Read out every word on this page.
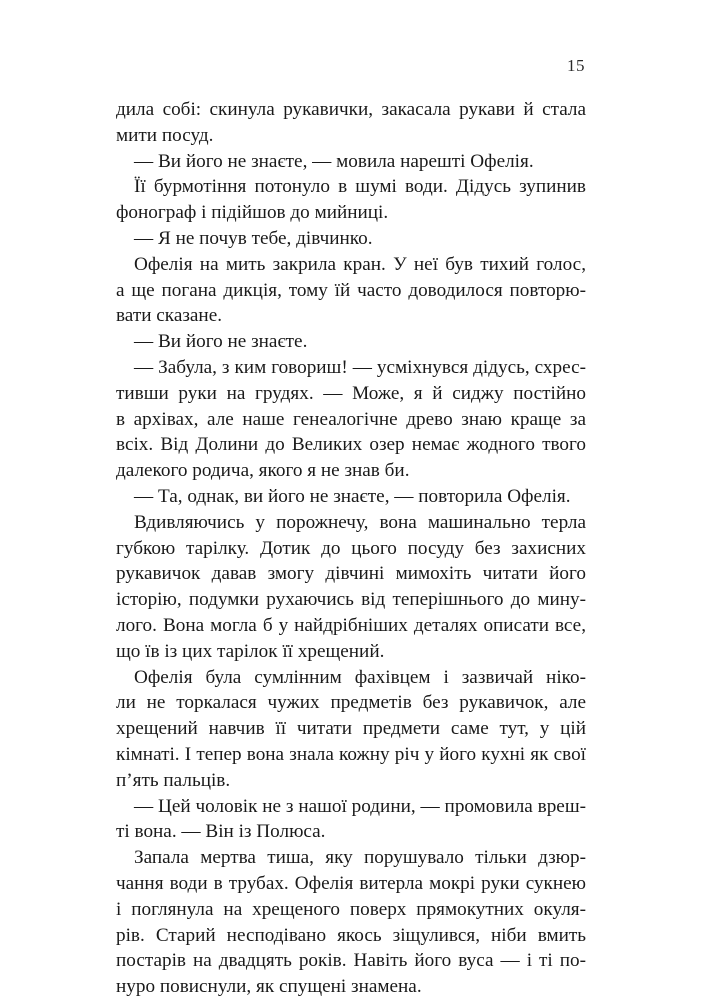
15
дила собі: скинула рукавички, закасала рукави й стала
мити посуд.
— Ви його не знаєте, — мовила нарешті Офелія.
Її бурмотіння потонуло в шумі води. Дідусь зупинив
фонограф і підійшов до мийниці.
— Я не почув тебе, дівчинко.
Офелія на мить закрила кран. У неї був тихий голос,
а ще погана дикція, тому їй часто доводилося повторю-
вати сказане.
— Ви його не знаєте.
— Забула, з ким говориш! — усміхнувся дідусь, схрес-
тивши руки на грудях. — Може, я й сиджу постійно
в архівах, але наше генеалогічне древо знаю краще за
всіх. Від Долини до Великих озер немає жодного твого
далекого родича, якого я не знав би.
— Та, однак, ви його не знаєте, — повторила Офелія.
Вдивляючись у порожнечу, вона машинально терла
губкою тарілку. Дотик до цього посуду без захисних
рукавичок давав змогу дівчині мимохіть читати його
історію, подумки рухаючись від теперішнього до мину-
лого. Вона могла б у найдрібніших деталях описати все,
що їв із цих тарілок її хрещений.
Офелія була сумлінним фахівцем і зазвичай ніко-
ли не торкалася чужих предметів без рукавичок, але
хрещений навчив її читати предмети саме тут, у цій
кімнаті. І тепер вона знала кожну річ у його кухні як свої
п’ять пальців.
— Цей чоловік не з нашої родини, — промовила вреш-
ті вона. — Він із Полюса.
Запала мертва тиша, яку порушувало тільки дзюр-
чання води в трубах. Офелія витерла мокрі руки сукнею
і поглянула на хрещеного поверх прямокутних окуля-
рів. Старий несподівано якось зіщулився, ніби вмить
постарів на двадцять років. Навіть його вуса — і ті по-
нуро повиснули, як спущені знамена.
